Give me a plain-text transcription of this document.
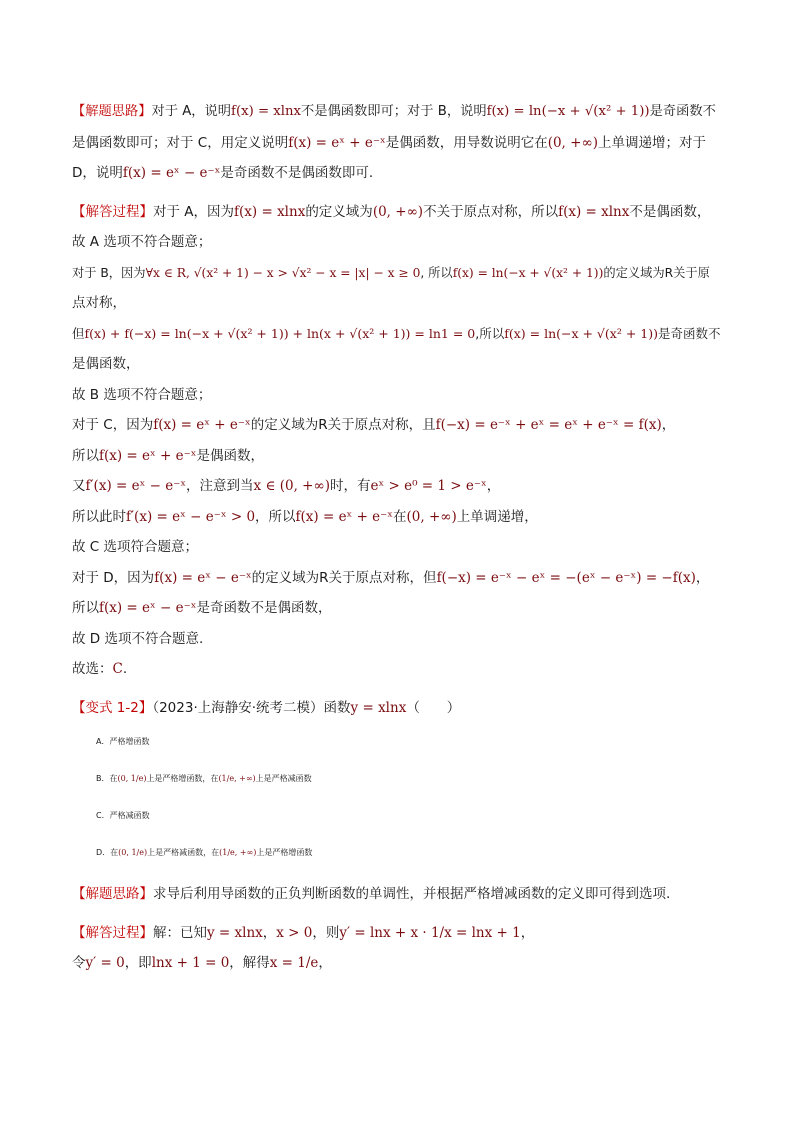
【解题思路】对于 A，说明f(x) = xlnx不是偶函数即可；对于 B，说明f(x) = ln(−x + √(x² + 1))是奇函数不
是偶函数即可；对于 C，用定义说明f(x) = eˣ + e⁻ˣ是偶函数，用导数说明它在(0, +∞)上单调递增；对于
D，说明f(x) = eˣ − e⁻ˣ是奇函数不是偶函数即可.
【解答过程】对于 A，因为f(x) = xlnx的定义域为(0, +∞)不关于原点对称，所以f(x) = xlnx不是偶函数，
故 A 选项不符合题意；
对于 B，因为∀x ∈ R, √(x² + 1) − x > √x² − x = |x| − x ≥ 0, 所以f(x) = ln(−x + √(x² + 1))的定义域为R关于原
点对称，
但f(x) + f(−x) = ln(−x + √(x² + 1)) + ln(x + √(x² + 1)) = ln1 = 0,所以f(x) = ln(−x + √(x² + 1))是奇函数不
是偶函数，
故 B 选项不符合题意；
对于 C，因为f(x) = eˣ + e⁻ˣ的定义域为R关于原点对称，且f(−x) = e⁻ˣ + eˣ = eˣ + e⁻ˣ = f(x)，
所以f(x) = eˣ + e⁻ˣ是偶函数，
又f′(x) = eˣ − e⁻ˣ，注意到当x ∈ (0, +∞)时，有eˣ > e⁰ = 1 > e⁻ˣ，
所以此时f′(x) = eˣ − e⁻ˣ > 0，所以f(x) = eˣ + e⁻ˣ在(0, +∞)上单调递增，
故 C 选项符合题意；
对于 D，因为f(x) = eˣ − e⁻ˣ的定义域为R关于原点对称，但f(−x) = e⁻ˣ − eˣ = −(eˣ − e⁻ˣ) = −f(x)，
所以f(x) = eˣ − e⁻ˣ是奇函数不是偶函数，
故 D 选项不符合题意.
故选：C.
【变式 1-2】（2023·上海静安·统考二模）函数y = xlnx（　　）
A．严格增函数
B．在(0, 1/e)上是严格增函数，在(1/e, +∞)上是严格减函数
C．严格减函数
D．在(0, 1/e)上是严格减函数，在(1/e, +∞)上是严格增函数
【解题思路】求导后利用导函数的正负判断函数的单调性，并根据严格增减函数的定义即可得到选项.
【解答过程】解：已知y = xlnx，x > 0，则y′ = lnx + x · 1/x = lnx + 1，
令y′ = 0，即lnx + 1 = 0，解得x = 1/e，
